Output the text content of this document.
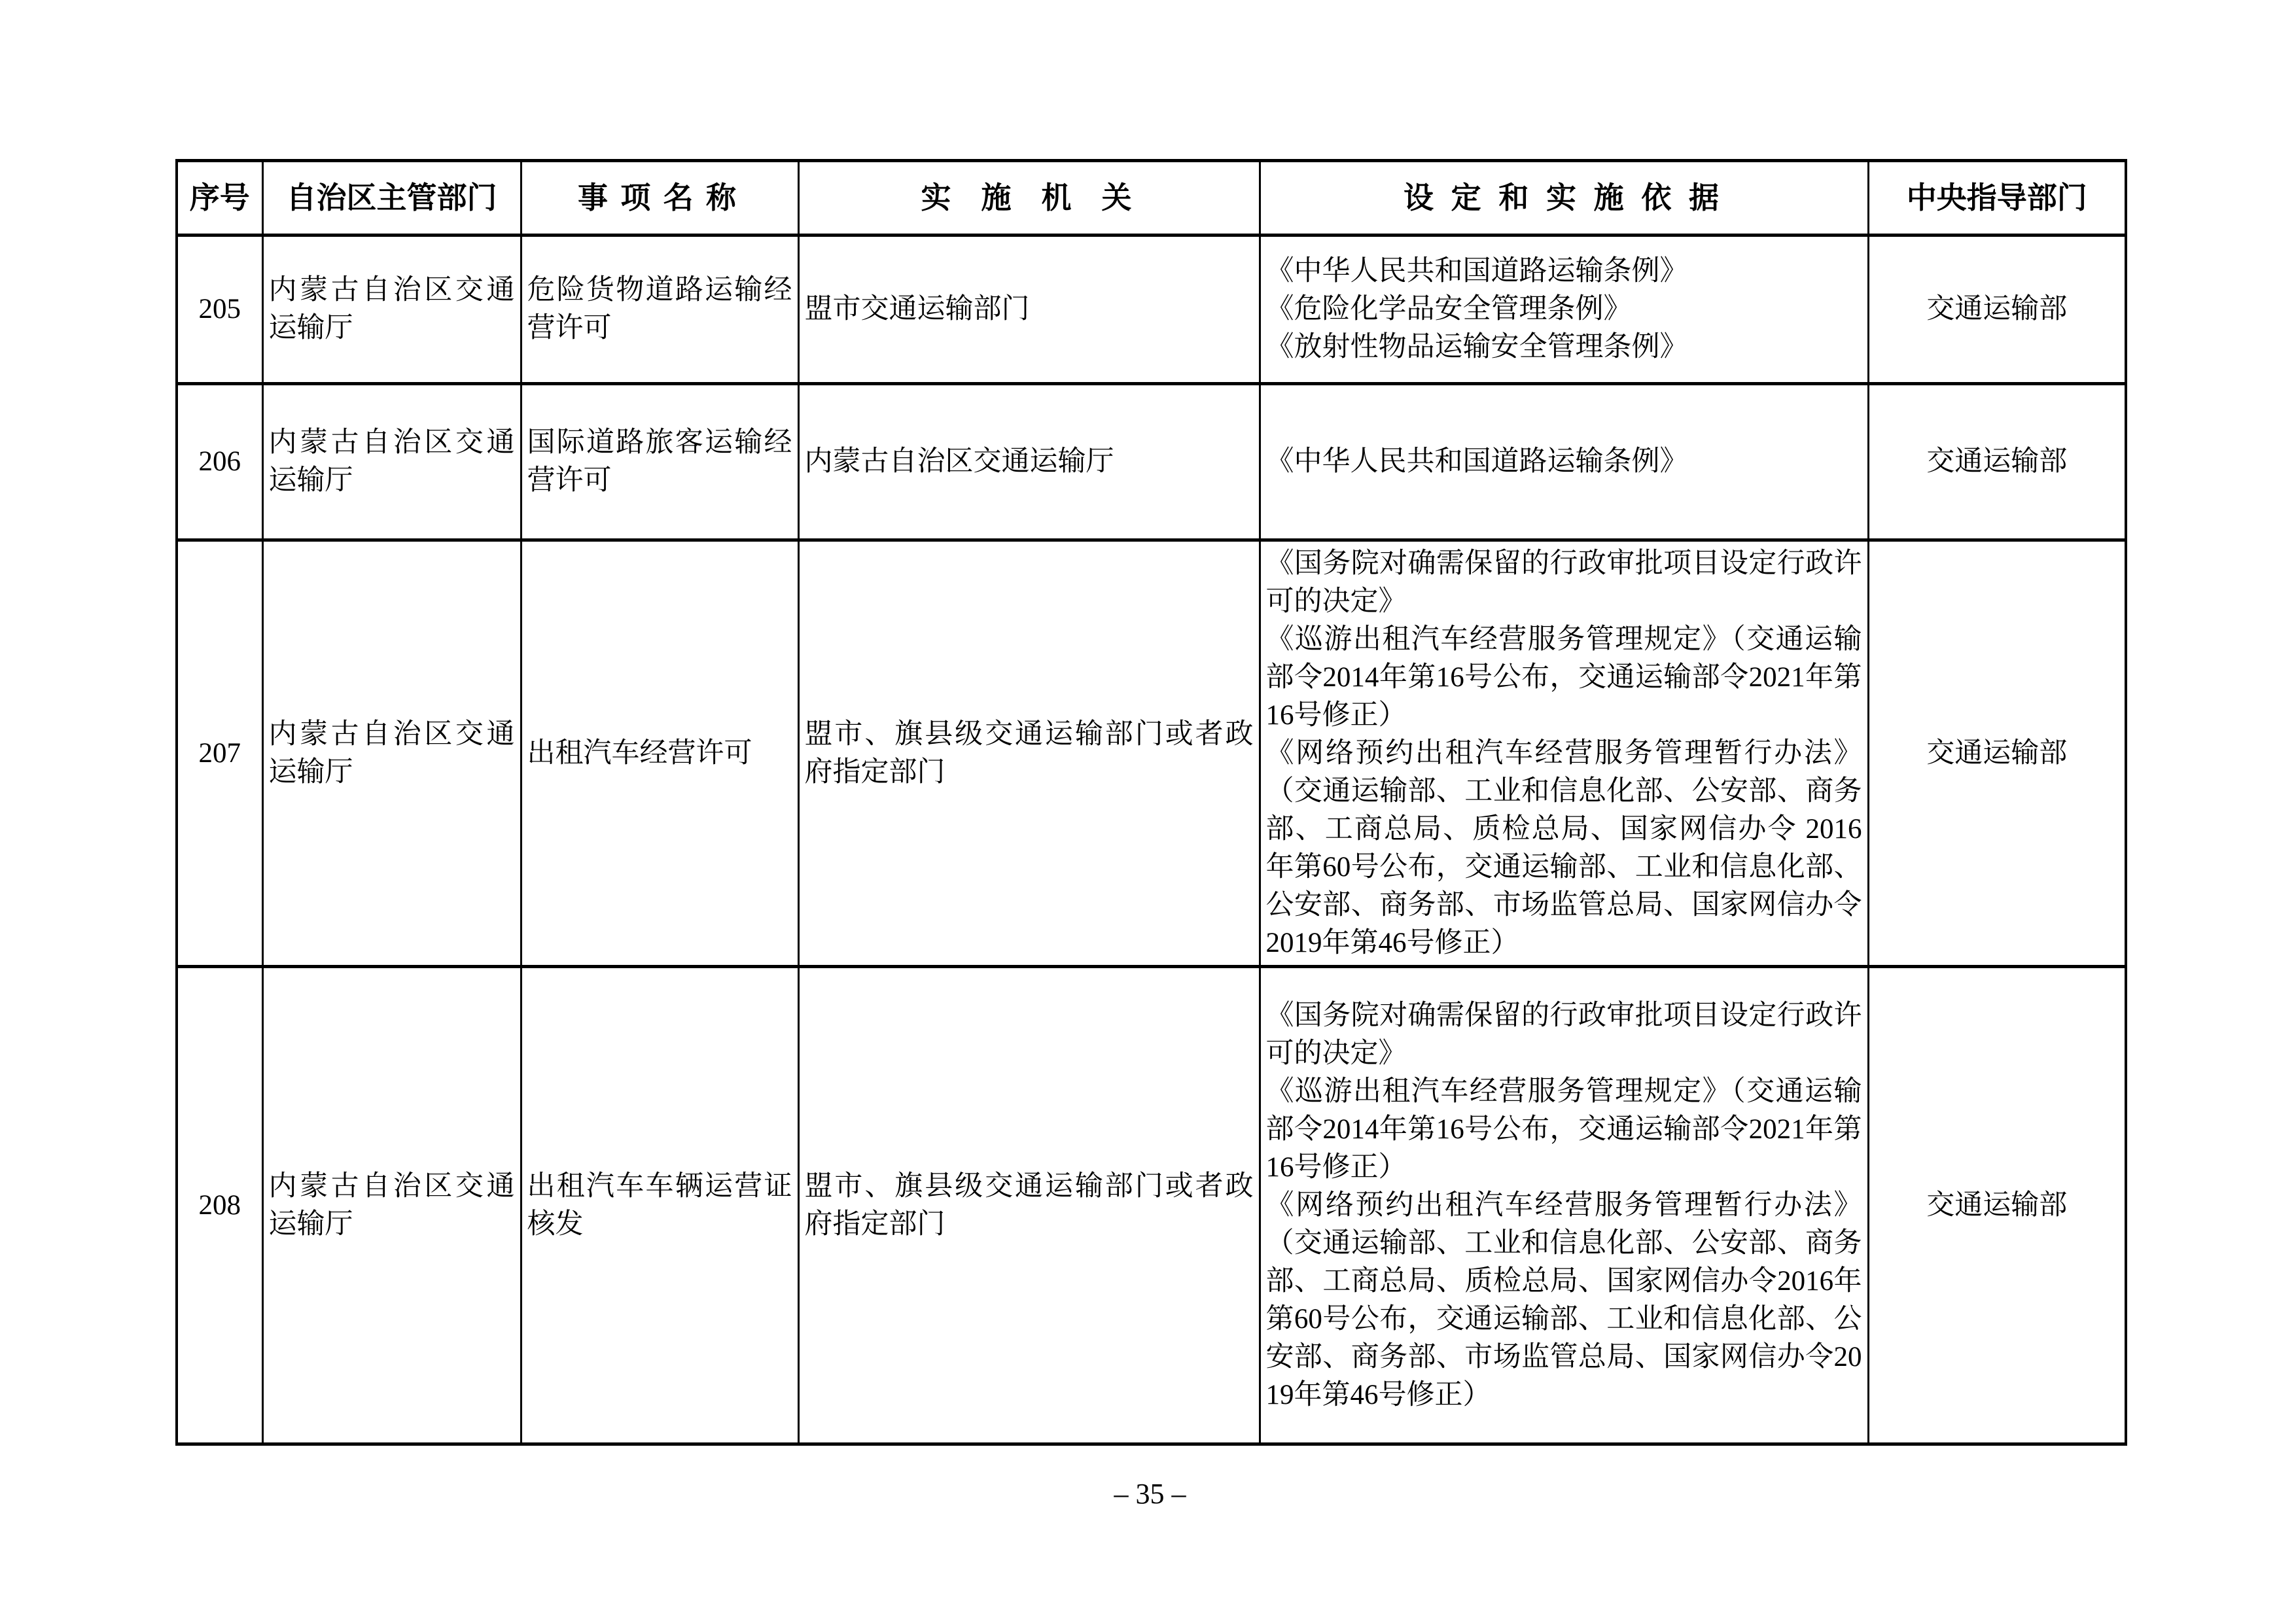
序号	自治区主管部门	事项名称	实施机关	设定和实施依据	中央指导部门
205	内蒙古自治区交通运输厅	危险货物道路运输经营许可	盟市交通运输部门	《中华人民共和国道路运输条例》
《危险化学品安全管理条例》
《放射性物品运输安全管理条例》	交通运输部
206	内蒙古自治区交通运输厅	国际道路旅客运输经营许可	内蒙古自治区交通运输厅	《中华人民共和国道路运输条例》	交通运输部
207	内蒙古自治区交通运输厅	出租汽车经营许可	盟市、旗县级交通运输部门或者政府指定部门	《国务院对确需保留的行政审批项目设定行政许可的决定》
《巡游出租汽车经营服务管理规定》（交通运输部令2014年第16号公布，交通运输部令2021年第16号修正）
《网络预约出租汽车经营服务管理暂行办法》（交通运输部、工业和信息化部、公安部、商务部、工商总局、质检总局、国家网信办令 2016年第60号公布，交通运输部、工业和信息化部、公安部、商务部、市场监管总局、国家网信办令2019年第46号修正）	交通运输部
208	内蒙古自治区交通运输厅	出租汽车车辆运营证核发	盟市、旗县级交通运输部门或者政府指定部门	《国务院对确需保留的行政审批项目设定行政许可的决定》
《巡游出租汽车经营服务管理规定》（交通运输部令2014年第16号公布，交通运输部令2021年第16号修正）
《网络预约出租汽车经营服务管理暂行办法》（交通运输部、工业和信息化部、公安部、商务部、工商总局、质检总局、国家网信办令2016年第60号公布，交通运输部、工业和信息化部、公安部、商务部、市场监管总局、国家网信办令2019年第46号修正）	交通运输部
– 35 –
